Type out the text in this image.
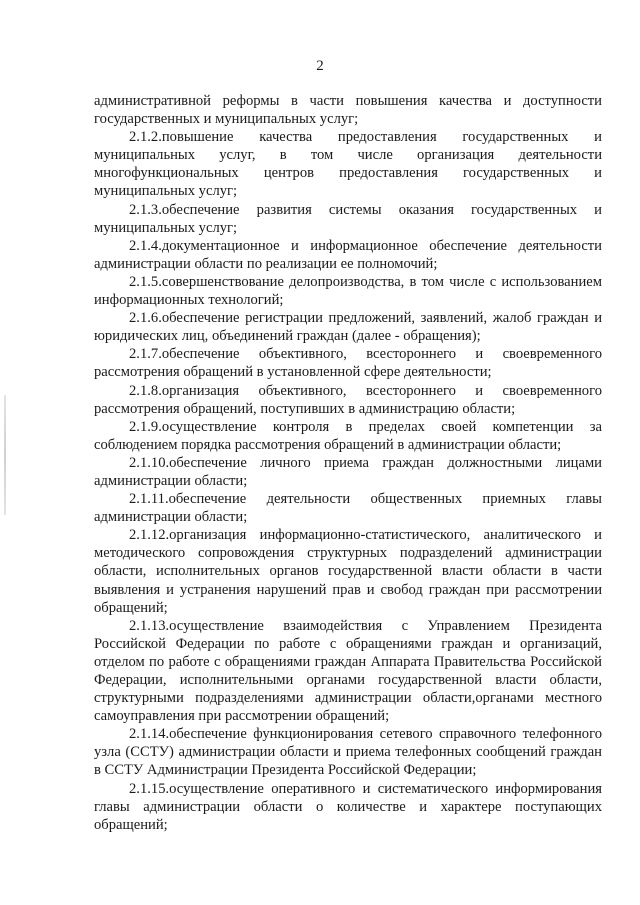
2

административной реформы в части повышения качества и доступности государственных и муниципальных услуг;

2.1.2.повышение качества предоставления государственных и муниципальных услуг, в том числе организация деятельности многофункциональных центров предоставления государственных и муниципальных услуг;

2.1.3.обеспечение развития системы оказания государственных и муниципальных услуг;

2.1.4.документационное и информационное обеспечение деятельности администрации области по реализации ее полномочий;

2.1.5.совершенствование делопроизводства, в том числе с использованием информационных технологий;

2.1.6.обеспечение регистрации предложений, заявлений, жалоб граждан и юридических лиц, объединений граждан (далее - обращения);

2.1.7.обеспечение объективного, всестороннего и своевременного рассмотрения обращений в установленной сфере деятельности;

2.1.8.организация объективного, всестороннего и своевременного рассмотрения обращений, поступивших в администрацию области;

2.1.9.осуществление контроля в пределах своей компетенции за соблюдением порядка рассмотрения обращений в администрации области;

2.1.10.обеспечение личного приема граждан должностными лицами администрации области;

2.1.11.обеспечение деятельности общественных приемных главы администрации области;

2.1.12.организация информационно-статистического, аналитического и методического сопровождения структурных подразделений администрации области, исполнительных органов государственной власти области в части выявления и устранения нарушений прав и свобод граждан при рассмотрении обращений;

2.1.13.осуществление взаимодействия с Управлением Президента Российской Федерации по работе с обращениями граждан и организаций, отделом по работе с обращениями граждан Аппарата Правительства Российской Федерации, исполнительными органами государственной власти области, структурными подразделениями администрации области,органами местного самоуправления при рассмотрении обращений;

2.1.14.обеспечение функционирования сетевого справочного телефонного узла (ССТУ) администрации области и приема телефонных сообщений граждан в ССТУ Администрации Президента Российской Федерации;

2.1.15.осуществление оперативного и систематического информирования главы администрации области о количестве и характере поступающих обращений;
